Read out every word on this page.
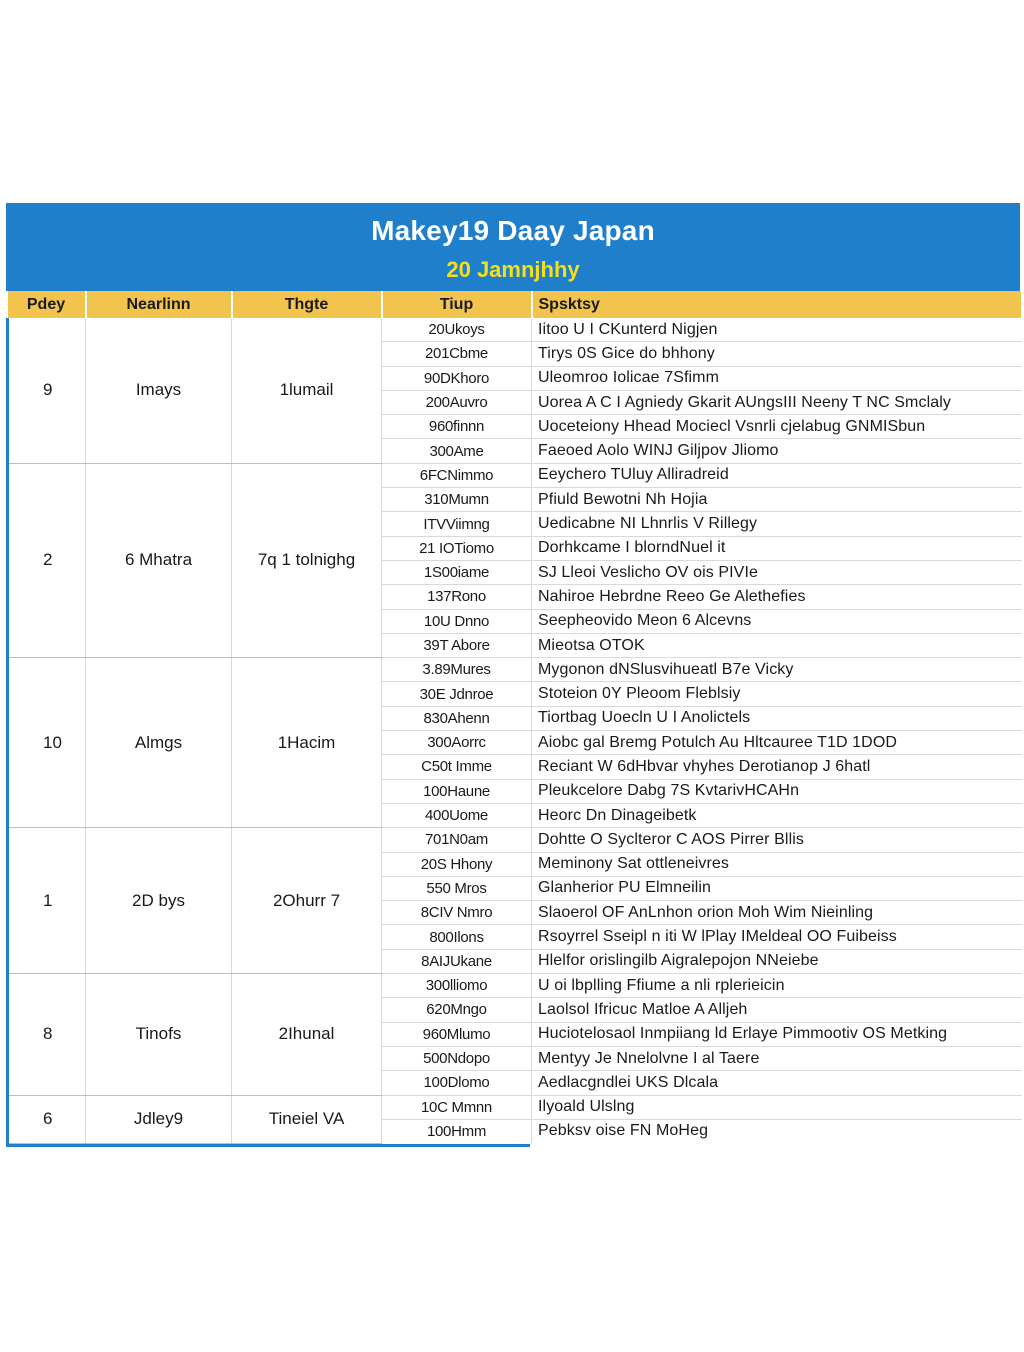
Makey19 Daay Japan
20 Jamnjhhy
Pdey	Nearlinn	Thgte	Tiup	Spsktsy
9	Imays	1lumail	20Ukoys	Iitoo U I CKunterd Nigjen
			201Cbme	Tirys 0S Gice do bhhony
			90DKhoro	Uleomroo Iolicae 7Sfimm
			200Auvro	Uorea A C I Agniedy Gkarit AUngsIII Neeny T NC Smclaly
			960finnn	Uoceteiony Hhead Mociecl Vsnrli cjelabug GNMISbun
			300Ame	Faeoed Aolo WINJ Giljpov Jliomo
2	6 Mhatra	7q 1 tolnighg	6FCNimmo	Eeychero TUluy Alliradreid
			310Mumn	Pfiuld Bewotni Nh Hojia
			ITVViimng	Uedicabne NI Lhnrlis V Rillegy
			21 IOTiomo	Dorhkcame I blorndNuel it
			1S00iame	SJ Lleoi Veslicho OV ois PIVIe
			137Rono	Nahiroe Hebrdne Reeo Ge Alethefies
			10U Dnno	Seepheovido Meon 6 Alcevns
			39T Abore	Mieotsa OTOK
10	Almgs	1Hacim	3.89Mures	Mygonon dNSlusvihueatl B7e Vicky
			30E Jdnroe	Stoteion 0Y Pleoom Fleblsiy
			830Ahenn	Tiortbag Uoecln U I Anolictels
			300Aorrc	Aiobc gal Bremg Potulch Au Hltcauree T1D 1DOD
			C50t Imme	Reciant W 6dHbvar vhyhes Derotianop J 6hatl
			100Haune	Pleukcelore Dabg 7S KvtarivHCAHn
			400Uome	Heorc Dn Dinageibetk
1	2D bys	2Ohurr 7	701N0am	Dohtte O Syclteror C AOS Pirrer Bllis
			20S Hhony	Meminony Sat ottleneivres
			550 Mros	Glanherior PU Elmneilin
			8CIV Nmro	Slaoerol OF AnLnhon orion Moh Wim Nieinling
			800Ilons	Rsoyrrel Sseipl n iti W lPlay IMeldeal OO Fuibeiss
			8AIJUkane	Hlelfor orislingilb Aigralepojon NNeiebe
8	Tinofs	2Ihunal	300lliomo	U oi lbplling Ffiume a nli rplerieicin
			620Mngo	Laolsol Ifricuc Matloe A Alljeh
			960Mlumo	Huciotelosaol Inmpiiang ld Erlaye Pimmootiv OS Metking
			500Ndopo	Mentyy Je Nnelolvne I al Taere
			100Dlomo	Aedlacgndlei UKS Dlcala
6	Jdley9	Tineiel VA	10C Mmnn	Ilyoald Ulslng
			100Hmm	Pebksv oise FN MoHeg
